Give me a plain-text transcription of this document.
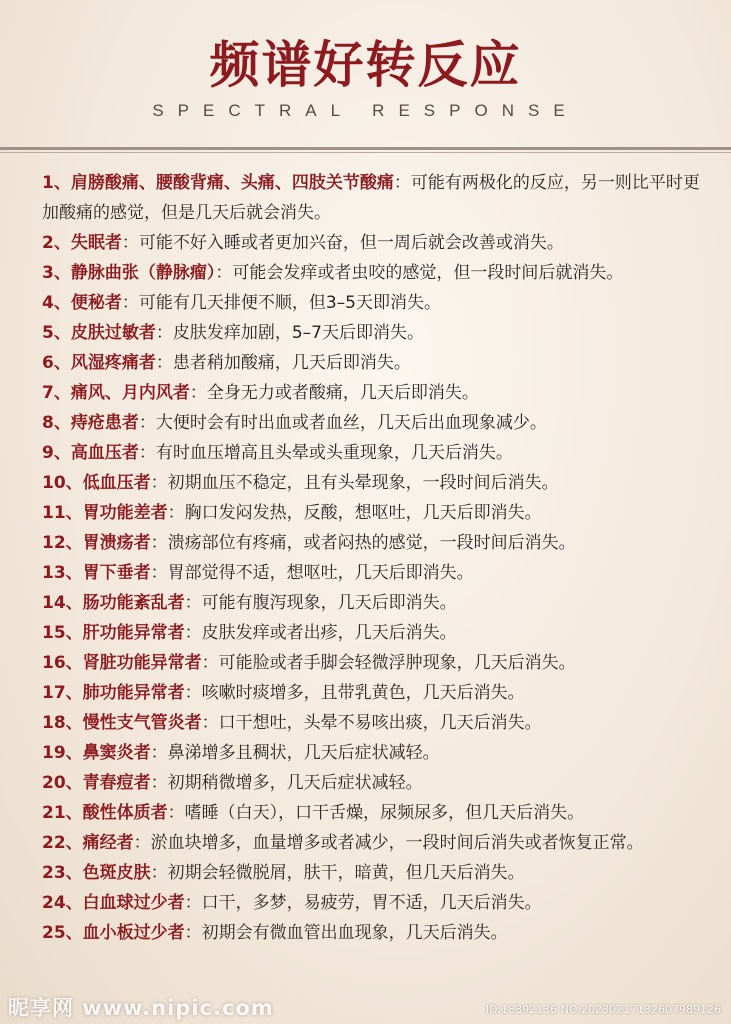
频谱好转反应
SPECTRAL RESPONSE
1、肩膀酸痛、腰酸背痛、头痛、四肢关节酸痛：可能有两极化的反应，另一则比平时更加酸痛的感觉，但是几天后就会消失。
2、失眠者：可能不好入睡或者更加兴奋，但一周后就会改善或消失。
3、静脉曲张（静脉瘤）：可能会发痒或者虫咬的感觉，但一段时间后就消失。
4、便秘者：可能有几天排便不顺，但3–5天即消失。
5、皮肤过敏者：皮肤发痒加剧，5–7天后即消失。
6、风湿疼痛者：患者稍加酸痛，几天后即消失。
7、痛风、月内风者：全身无力或者酸痛，几天后即消失。
8、痔疮患者：大便时会有时出血或者血丝，几天后出血现象减少。
9、高血压者：有时血压增高且头晕或头重现象，几天后消失。
10、低血压者：初期血压不稳定，且有头晕现象，一段时间后消失。
11、胃功能差者：胸口发闷发热，反酸，想呕吐，几天后即消失。
12、胃溃疡者：溃疡部位有疼痛，或者闷热的感觉，一段时间后消失。
13、胃下垂者：胃部觉得不适，想呕吐，几天后即消失。
14、肠功能紊乱者：可能有腹泻现象，几天后即消失。
15、肝功能异常者：皮肤发痒或者出疹，几天后消失。
16、肾脏功能异常者：可能脸或者手脚会轻微浮肿现象，几天后消失。
17、肺功能异常者：咳嗽时痰增多，且带乳黄色，几天后消失。
18、慢性支气管炎者：口干想吐，头晕不易咳出痰，几天后消失。
19、鼻窦炎者：鼻涕增多且稠状，几天后症状减轻。
20、青春痘者：初期稍微增多，几天后症状减轻。
21、酸性体质者：嗜睡（白天），口干舌燥，尿频尿多，但几天后消失。
22、痛经者：淤血块增多，血量增多或者减少，一段时间后消失或者恢复正常。
23、色斑皮肤：初期会轻微脱屑，肤干，暗黄，但几天后消失。
24、白血球过少者：口干，多梦，易疲劳，胃不适，几天后消失。
25、血小板过少者：初期会有微血管出血现象，几天后消失。
昵享网 www.nipic.com	ID:18392136 NO:20230217132607989126
